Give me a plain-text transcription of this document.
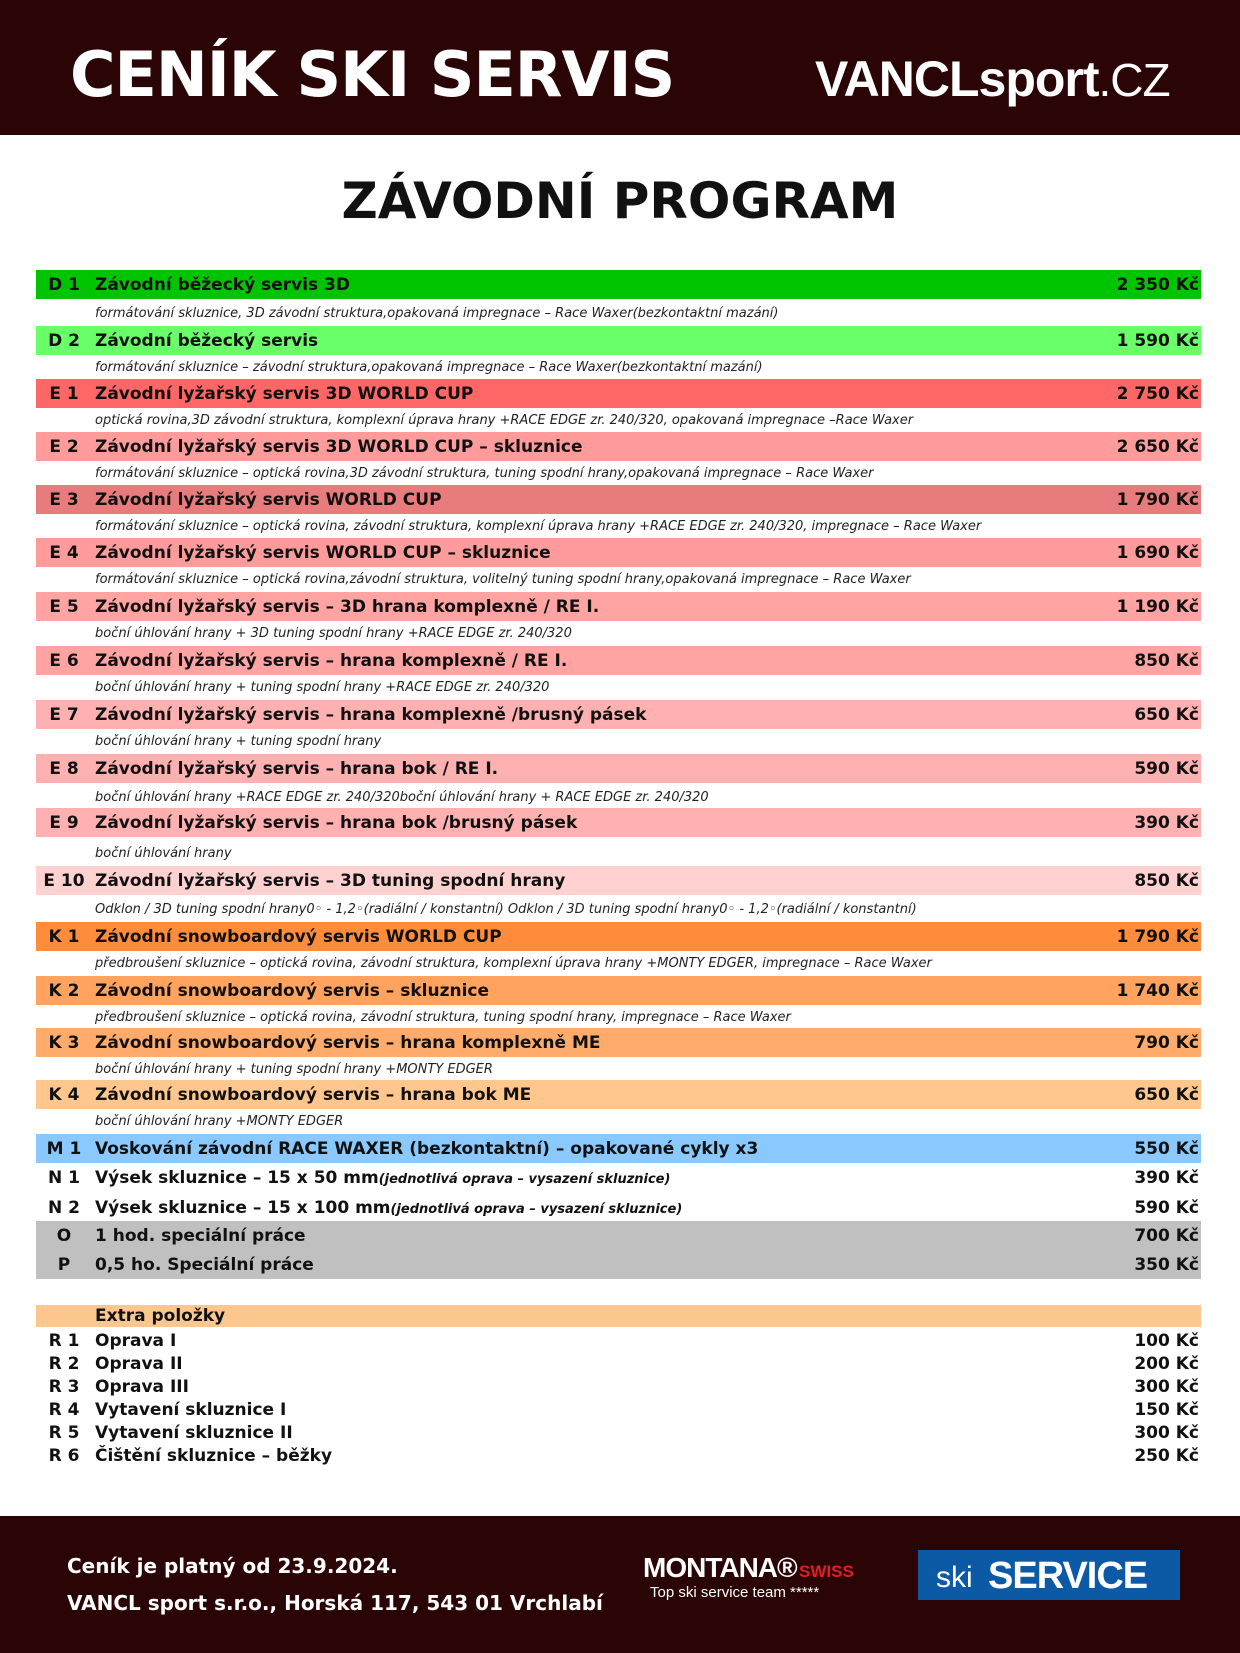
CENÍK SKI SERVIS	VANCLsport.CZ
ZÁVODNÍ PROGRAM
D 1 Závodní běžecký servis 3D	2 350 Kč
formátování skluznice, 3D závodní struktura,opakovaná impregnace – Race Waxer(bezkontaktní mazání)
D 2 Závodní běžecký servis	1 590 Kč
formátování skluznice – závodní struktura,opakovaná impregnace – Race Waxer(bezkontaktní mazání)
E 1 Závodní lyžařský servis 3D WORLD CUP	2 750 Kč
optická rovina,3D závodní struktura, komplexní úprava hrany +RACE EDGE zr. 240/320, opakovaná impregnace –Race Waxer
E 2 Závodní lyžařský servis 3D WORLD CUP – skluznice	2 650 Kč
formátování skluznice – optická rovina,3D závodní struktura, tuning spodní hrany,opakovaná impregnace – Race Waxer
E 3 Závodní lyžařský servis WORLD CUP	1 790 Kč
formátování skluznice – optická rovina, závodní struktura, komplexní úprava hrany +RACE EDGE zr. 240/320, impregnace – Race Waxer
E 4 Závodní lyžařský servis WORLD CUP – skluznice	1 690 Kč
formátování skluznice – optická rovina,závodní struktura, volitelný tuning spodní hrany,opakovaná impregnace – Race Waxer
E 5 Závodní lyžařský servis – 3D hrana komplexně / RE I.	1 190 Kč
boční úhlování hrany + 3D tuning spodní hrany +RACE EDGE zr. 240/320
E 6 Závodní lyžařský servis – hrana komplexně / RE I.	850 Kč
boční úhlování hrany + tuning spodní hrany +RACE EDGE zr. 240/320
E 7 Závodní lyžařský servis – hrana komplexně /brusný pásek	650 Kč
boční úhlování hrany + tuning spodní hrany
E 8 Závodní lyžařský servis – hrana bok / RE I.	590 Kč
boční úhlování hrany +RACE EDGE zr. 240/320boční úhlování hrany + RACE EDGE zr. 240/320
E 9 Závodní lyžařský servis – hrana bok /brusný pásek	390 Kč
boční úhlování hrany
E 10 Závodní lyžařský servis – 3D tuning spodní hrany	850 Kč
Odklon / 3D tuning spodní hrany0◦ - 1,2◦(radiální / konstantní) Odklon / 3D tuning spodní hrany0◦ - 1,2◦(radiální / konstantní)
K 1 Závodní snowboardový servis WORLD CUP	1 790 Kč
předbroušení skluznice – optická rovina, závodní struktura, komplexní úprava hrany +MONTY EDGER, impregnace – Race Waxer
K 2 Závodní snowboardový servis – skluznice	1 740 Kč
předbroušení skluznice – optická rovina, závodní struktura, tuning spodní hrany, impregnace – Race Waxer
K 3 Závodní snowboardový servis – hrana komplexně ME	790 Kč
boční úhlování hrany + tuning spodní hrany +MONTY EDGER
K 4 Závodní snowboardový servis – hrana bok ME	650 Kč
boční úhlování hrany +MONTY EDGER
M 1 Voskování závodní RACE WAXER (bezkontaktní) – opakované cykly x3	550 Kč
N 1 Výsek skluznice – 15 x 50 mm(jednotlivá oprava – vysazení skluznice)	390 Kč
N 2 Výsek skluznice – 15 x 100 mm(jednotlivá oprava – vysazení skluznice)	590 Kč
O	1 hod. speciální práce	700 Kč
P	0,5 ho. Speciální práce	350 Kč
Extra položky
R 1 Oprava I	100 Kč
R 2 Oprava II	200 Kč
R 3 Oprava III	300 Kč
R 4 Vytavení skluznice I	150 Kč
R 5 Vytavení skluznice II	300 Kč
R 6 Čištění skluznice – běžky	250 Kč
Ceník je platný od 23.9.2024.
VANCL sport s.r.o., Horská 117, 543 01 Vrchlabí
MONTANA® SWISS
Top ski service team *****	ski SERVICE
